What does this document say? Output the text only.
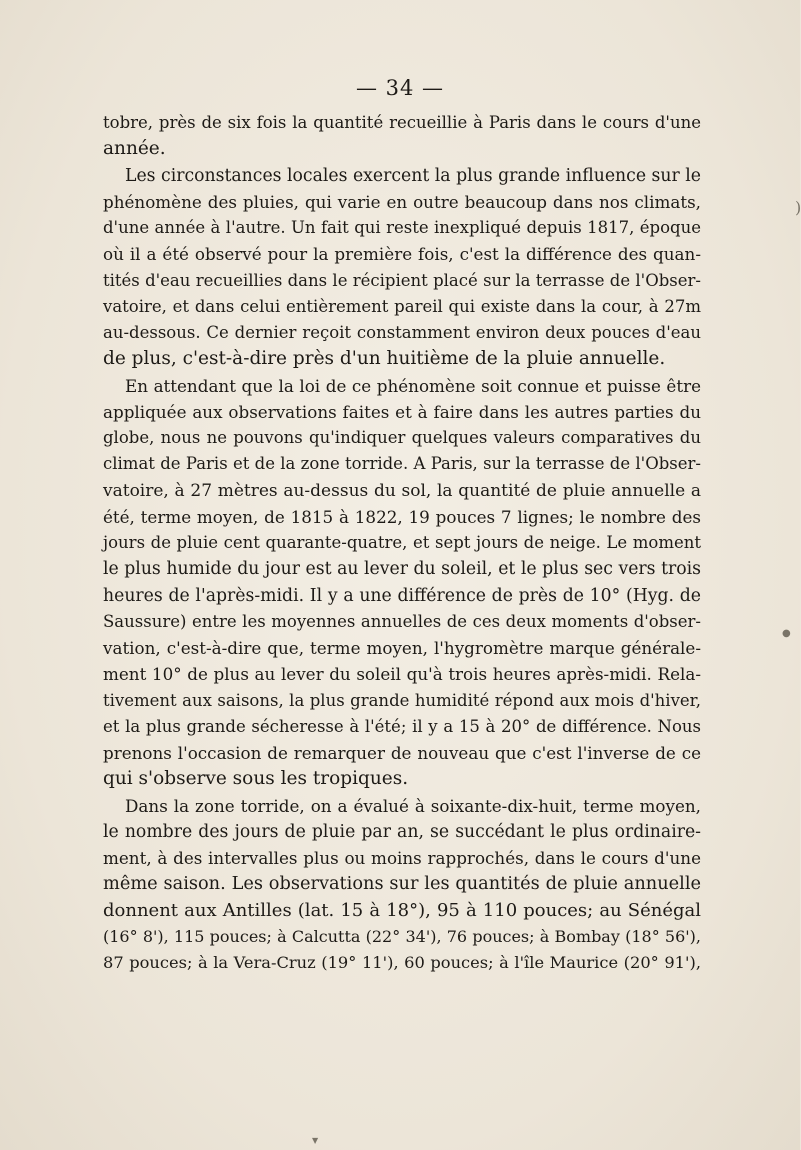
— 34 —
tobre, près de six fois la quantité recueillie à Paris dans le cours d'une
année.
Les circonstances locales exercent la plus grande influence sur le
phénomène des pluies, qui varie en outre beaucoup dans nos climats,
d'une année à l'autre. Un fait qui reste inexpliqué depuis 1817, époque
où il a été observé pour la première fois, c'est la différence des quan-
tités d'eau recueillies dans le récipient placé sur la terrasse de l'Obser-
vatoire, et dans celui entièrement pareil qui existe dans la cour, à 27m
au-dessous. Ce dernier reçoit constamment environ deux pouces d'eau
de plus, c'est-à-dire près d'un huitième de la pluie annuelle.
En attendant que la loi de ce phénomène soit connue et puisse être
appliquée aux observations faites et à faire dans les autres parties du
globe, nous ne pouvons qu'indiquer quelques valeurs comparatives du
climat de Paris et de la zone torride. A Paris, sur la terrasse de l'Obser-
vatoire, à 27 mètres au-dessus du sol, la quantité de pluie annuelle a
été, terme moyen, de 1815 à 1822, 19 pouces 7 lignes; le nombre des
jours de pluie cent quarante-quatre, et sept jours de neige. Le moment
le plus humide du jour est au lever du soleil, et le plus sec vers trois
heures de l'après-midi. Il y a une différence de près de 10° (Hyg. de
Saussure) entre les moyennes annuelles de ces deux moments d'obser-
vation, c'est-à-dire que, terme moyen, l'hygromètre marque générale-
ment 10° de plus au lever du soleil qu'à trois heures après-midi. Rela-
tivement aux saisons, la plus grande humidité répond aux mois d'hiver,
et la plus grande sécheresse à l'été; il y a 15 à 20° de différence. Nous
prenons l'occasion de remarquer de nouveau que c'est l'inverse de ce
qui s'observe sous les tropiques.
Dans la zone torride, on a évalué à soixante-dix-huit, terme moyen,
le nombre des jours de pluie par an, se succédant le plus ordinaire-
ment, à des intervalles plus ou moins rapprochés, dans le cours d'une
même saison. Les observations sur les quantités de pluie annuelle
donnent aux Antilles (lat. 15 à 18°), 95 à 110 pouces; au Sénégal
(16° 8'), 115 pouces; à Calcutta (22° 34'), 76 pouces; à Bombay (18° 56'),
87 pouces; à la Vera-Cruz (19° 11'), 60 pouces; à l'île Maurice (20° 91'),
)
●
▼
